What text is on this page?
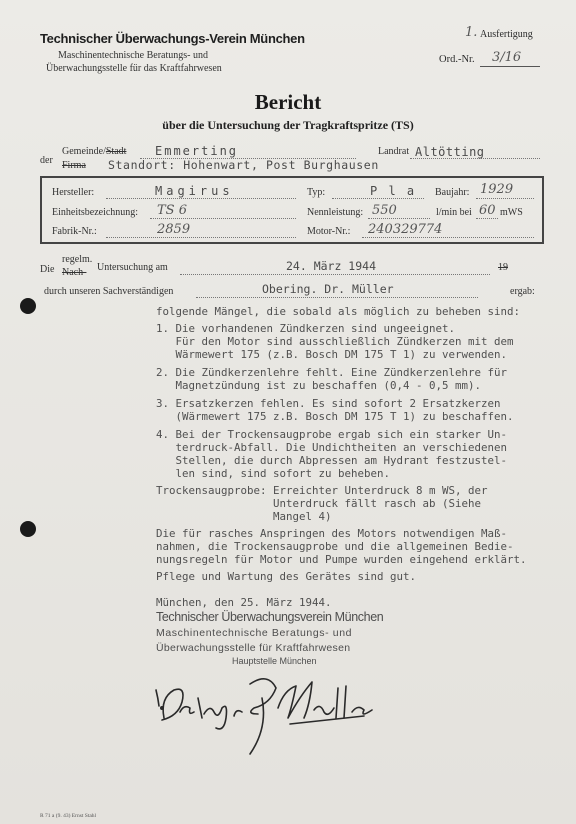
Technischer Überwachungs-Verein München
Maschinentechnische Beratungs- und
Überwachungsstelle für das Kraftfahrwesen
1. Ausfertigung
Ord.-Nr. 3/16
Bericht
über die Untersuchung der Tragkraftspritze (TS)
der
Gemeinde/Stadt
Firma
Emmerting	Landrat Altötting
Standort: Hohenwart, Post Burghausen
Hersteller:	Magirus	Typ:	P l a Baujahr: 1929
Einheitsbezeichnung: TS 6	Nennleistung: 550	l/min bei 60 mWS
Fabrik-Nr.:	2859	Motor-Nr.: 240329774
Die
regelm.
Nach- Untersuchung am	24. März 1944	19
durch unseren Sachverständigen	Obering. Dr. Müller	ergab:
folgende Mängel, die sobald als möglich zu beheben sind:
1. Die vorhandenen Zündkerzen sind ungeeignet.
Für den Motor sind ausschließlich Zündkerzen mit dem
Wärmewert 175 (z.B. Bosch DM 175 T 1) zu verwenden.
2. Die Zündkerzenlehre fehlt. Eine Zündkerzenlehre für
Magnetzündung ist zu beschaffen (0,4 - 0,5 mm).
3. Ersatzkerzen fehlen. Es sind sofort 2 Ersatzkerzen
(Wärmewert 175 z.B. Bosch DM 175 T 1) zu beschaffen.
4. Bei der Trockensaugprobe ergab sich ein starker Un-
terdruck-Abfall. Die Undichtheiten an verschiedenen
Stellen, die durch Abpressen am Hydrant festzustel-
len sind, sind sofort zu beheben.
Trockensaugprobe: Erreichter Unterdruck 8 m WS, der
Unterdruck fällt rasch ab (Siehe
Mangel 4)
Die für rasches Anspringen des Motors notwendigen Maß-
nahmen, die Trockensaugprobe und die allgemeinen Bedie-
nungsregeln für Motor und Pumpe wurden eingehend erklärt.
Pflege und Wartung des Gerätes sind gut.
München, den 25. März 1944.
Technischer Überwachungsverein München
Maschinentechnische Beratungs- und
Überwachungsstelle für Kraftfahrwesen
Hauptstelle München
R 71 a (9. 43) Ernst Stahl
